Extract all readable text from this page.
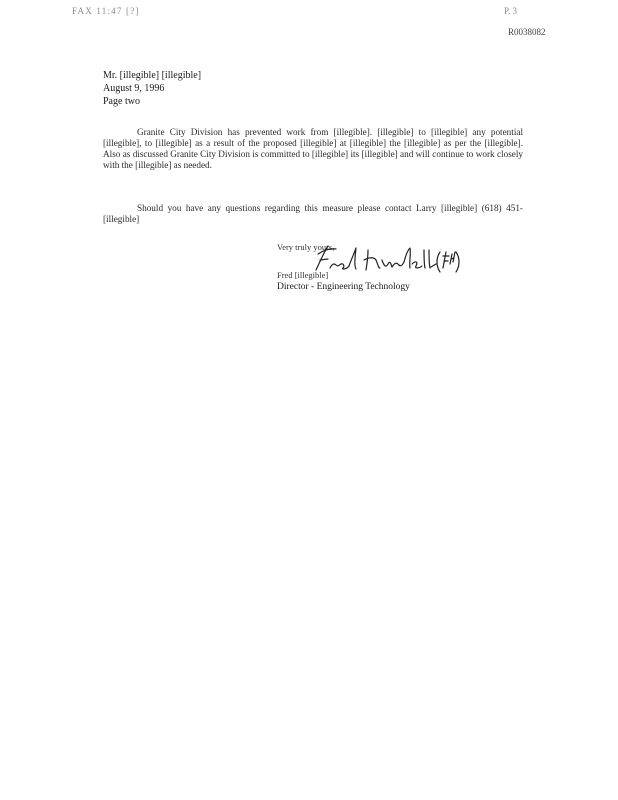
FAX 11:47 [?]	P. 3
R0038082
Mr. [illegible] [illegible]
August 9, 1996
Page two
Granite City Division has prevented work from [illegible]. [illegible] to [illegible] any potential [illegible], to [illegible] as a result of the proposed [illegible] at [illegible] the [illegible] as per the [illegible]. Also as discussed Granite City Division is committed to [illegible] its [illegible] and will continue to work closely with the [illegible] as needed.
Should you have any questions regarding this measure please contact Larry [illegible] (618) 451-[illegible]
Very truly yours,
Fred [illegible]
Director - Engineering Technology
